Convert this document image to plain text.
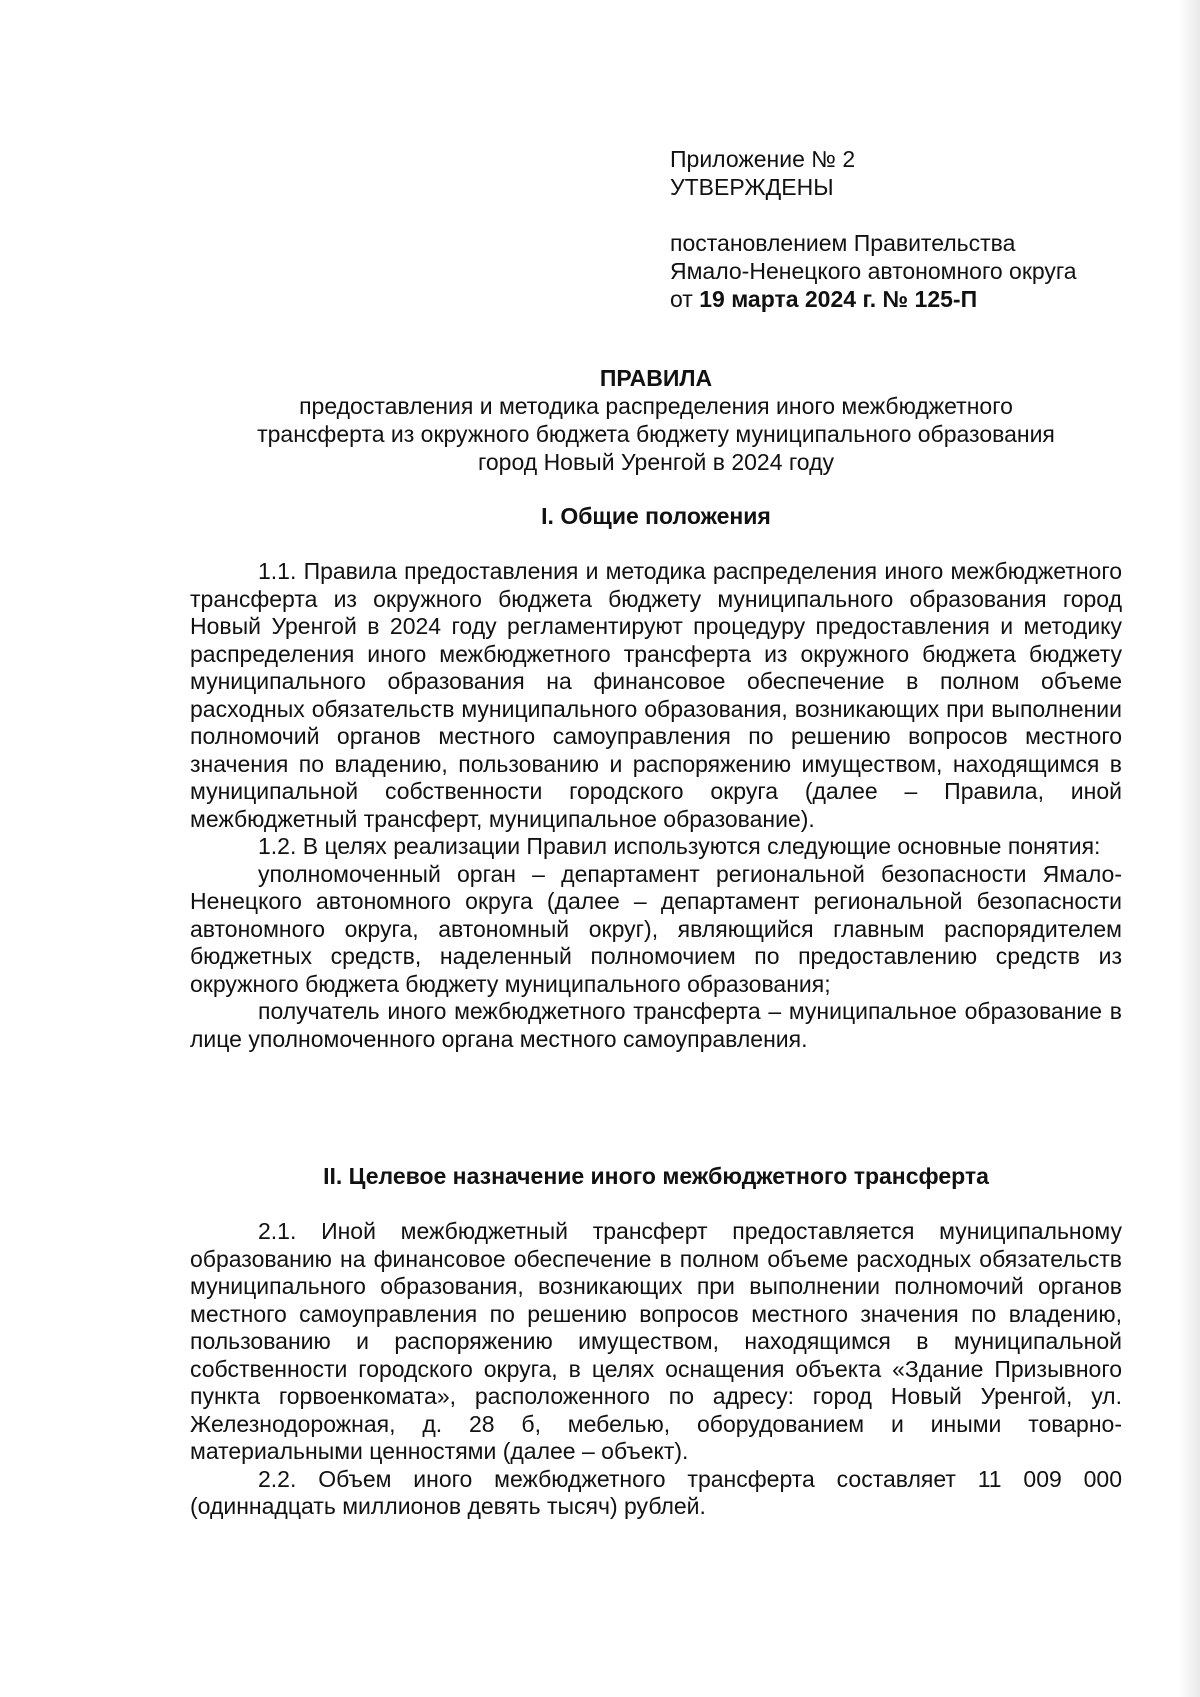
Приложение № 2
УТВЕРЖДЕНЫ
постановлением Правительства
Ямало-Ненецкого автономного округа
от 19 марта 2024 г. № 125-П
ПРАВИЛА
предоставления и методика распределения иного межбюджетного
трансферта из окружного бюджета бюджету муниципального образования
город Новый Уренгой в 2024 году
I. Общие положения

1.1. Правила предоставления и методика распределения иного межбюджетного трансферта из окружного бюджета бюджету муниципального образования город Новый Уренгой в 2024 году регламентируют процедуру предоставления и методику распределения иного межбюджетного трансферта из окружного бюджета бюджету муниципального образования на финансовое обеспечение в полном объеме расходных обязательств муниципального образования, возникающих при выполнении полномочий органов местного самоуправления по решению вопросов местного значения по владению, пользованию и распоряжению имуществом, находящимся в муниципальной собственности городского округа (далее – Правила, иной межбюджетный трансферт, муниципальное образование).

1.2. В целях реализации Правил используются следующие основные понятия:

уполномоченный орган – департамент региональной безопасности Ямало-Ненецкого автономного округа (далее – департамент региональной безопасности автономного округа, автономный округ), являющийся главным распорядителем бюджетных средств, наделенный полномочием по предоставлению средств из окружного бюджета бюджету муниципального образования;

получатель иного межбюджетного трансферта – муниципальное образование в лице уполномоченного органа местного самоуправления.

II. Целевое назначение иного межбюджетного трансферта

2.1. Иной межбюджетный трансферт предоставляется муниципальному образованию на финансовое обеспечение в полном объеме расходных обязательств муниципального образования, возникающих при выполнении полномочий органов местного самоуправления по решению вопросов местного значения по владению, пользованию и распоряжению имуществом, находящимся в муниципальной собственности городского округа, в целях оснащения объекта «Здание Призывного пункта горвоенкомата», расположенного по адресу: город Новый Уренгой, ул. Железнодорожная, д. 28 б, мебелью, оборудованием и иными товарно-материальными ценностями (далее – объект).

2.2. Объем иного межбюджетного трансферта составляет 11 009 000 (одиннадцать миллионов девять тысяч) рублей.
